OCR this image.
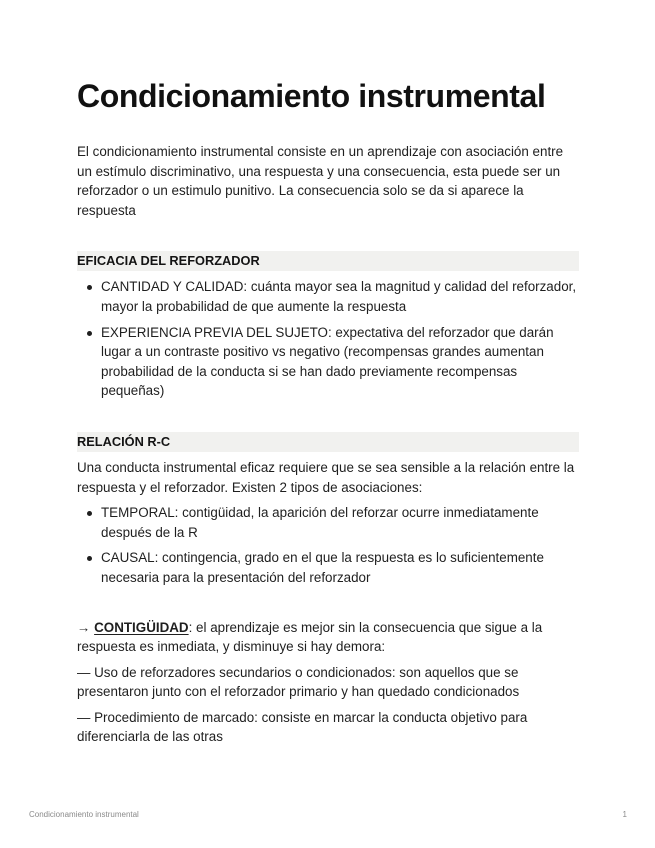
Condicionamiento instrumental

El condicionamiento instrumental consiste en un aprendizaje con asociación entre un estímulo discriminativo, una respuesta y una consecuencia, esta puede ser un reforzador o un estimulo punitivo. La consecuencia solo se da si aparece la respuesta

EFICACIA DEL REFORZADOR
CANTIDAD Y CALIDAD: cuánta mayor sea la magnitud y calidad del reforzador, mayor la probabilidad de que aumente la respuesta
EXPERIENCIA PREVIA DEL SUJETO: expectativa del reforzador que darán lugar a un contraste positivo vs negativo (recompensas grandes aumentan probabilidad de la conducta si se han dado previamente recompensas pequeñas)
RELACIÓN R-C

Una conducta instrumental eficaz requiere que se sea sensible a la relación entre la respuesta y el reforzador. Existen 2 tipos de asociaciones:

TEMPORAL: contigüidad, la aparición del reforzar ocurre inmediatamente después de la R
CAUSAL: contingencia, grado en el que la respuesta es lo suficientemente necesaria para la presentación del reforzador

→ CONTIGÜIDAD: el aprendizaje es mejor sin la consecuencia que sigue a la respuesta es inmediata, y disminuye si hay demora:

— Uso de reforzadores secundarios o condicionados: son aquellos que se presentaron junto con el reforzador primario y han quedado condicionados

— Procedimiento de marcado: consiste en marcar la conducta objetivo para diferenciarla de las otras

Condicionamiento instrumental	1
